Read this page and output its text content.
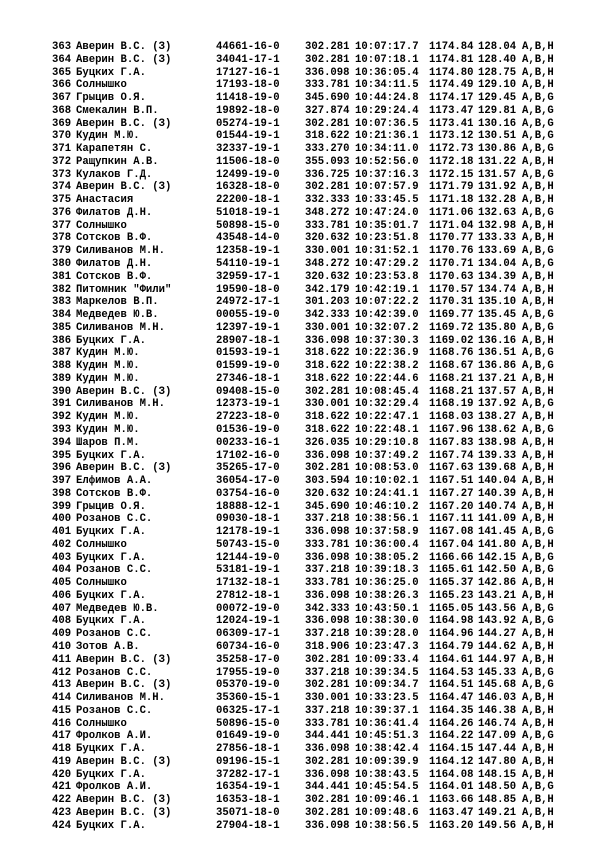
363 Аверин В.С. (З)	44661-16-0 302.281 10:07:17.7 1174.84 128.04 A,B,H
364 Аверин В.С. (З)	34041-17-1 302.281 10:07:18.1 1174.81 128.40 A,B,H
365 Буцких Г.А.	17127-16-1 336.098 10:36:05.4 1174.80 128.75 A,B,H
366 Солнышко	17193-18-0 333.781 10:34:11.5 1174.49 129.10 A,B,H
367 Грыцив О.Я.	11418-19-0 345.690 10:44:24.8 1174.17 129.45 A,B,G
368 Смекалин В.П.	19892-18-0 327.874 10:29:24.4 1173.47 129.81 A,B,G
369 Аверин В.С. (З)	05274-19-1 302.281 10:07:36.5 1173.41 130.16 A,B,G
370 Кудин М.Ю.	01544-19-1 318.622 10:21:36.1 1173.12 130.51 A,B,G
371 Карапетян С.	32337-19-1 333.270 10:34:11.0 1172.73 130.86 A,B,G
372 Ращупкин А.В.	11506-18-0 355.093 10:52:56.0 1172.18 131.22 A,B,H
373 Кулаков Г.Д.	12499-19-0 336.725 10:37:16.3 1172.15 131.57 A,B,G
374 Аверин В.С. (З)	16328-18-0 302.281 10:07:57.9 1171.79 131.92 A,B,H
375 Анастасия	22200-18-1 332.333 10:33:45.5 1171.18 132.28 A,B,H
376 Филатов Д.Н.	51018-19-1 348.272 10:47:24.0 1171.06 132.63 A,B,G
377 Солнышко	50898-15-0 333.781 10:35:01.7 1171.04 132.98 A,B,H
378 Сотсков В.Ф.	43548-14-0 320.632 10:23:51.8 1170.77 133.33 A,B,H
379 Силиванов М.Н.	12358-19-1 330.001 10:31:52.1 1170.76 133.69 A,B,G
380 Филатов Д.Н.	54110-19-1 348.272 10:47:29.2 1170.71 134.04 A,B,G
381 Сотсков В.Ф.	32959-17-1 320.632 10:23:53.8 1170.63 134.39 A,B,H
382 Питомник "Фили"	19590-18-0 342.179 10:42:19.1 1170.57 134.74 A,B,H
383 Маркелов В.П.	24972-17-1 301.203 10:07:22.2 1170.31 135.10 A,B,H
384 Медведев Ю.В.	00055-19-0 342.333 10:42:39.0 1169.77 135.45 A,B,G
385 Силиванов М.Н.	12397-19-1 330.001 10:32:07.2 1169.72 135.80 A,B,G
386 Буцких Г.А.	28907-18-1 336.098 10:37:30.3 1169.02 136.16 A,B,H
387 Кудин М.Ю.	01593-19-1 318.622 10:22:36.9 1168.76 136.51 A,B,G
388 Кудин М.Ю.	01599-19-0 318.622 10:22:38.2 1168.67 136.86 A,B,G
389 Кудин М.Ю.	27346-18-1 318.622 10:22:44.6 1168.21 137.21 A,B,H
390 Аверин В.С. (З)	09408-15-0 302.281 10:08:45.4 1168.21 137.57 A,B,H
391 Силиванов М.Н.	12373-19-1 330.001 10:32:29.4 1168.19 137.92 A,B,G
392 Кудин М.Ю.	27223-18-0 318.622 10:22:47.1 1168.03 138.27 A,B,H
393 Кудин М.Ю.	01536-19-0 318.622 10:22:48.1 1167.96 138.62 A,B,G
394 Шаров П.М.	00233-16-1 326.035 10:29:10.8 1167.83 138.98 A,B,H
395 Буцких Г.А.	17102-16-0 336.098 10:37:49.2 1167.74 139.33 A,B,H
396 Аверин В.С. (З)	35265-17-0 302.281 10:08:53.0 1167.63 139.68 A,B,H
397 Елфимов А.А.	36054-17-0 303.594 10:10:02.1 1167.51 140.04 A,B,H
398 Сотсков В.Ф.	03754-16-0 320.632 10:24:41.1 1167.27 140.39 A,B,H
399 Грыцив О.Я.	18888-12-1 345.690 10:46:10.2 1167.20 140.74 A,B,H
400 Розанов С.С.	09030-18-1 337.218 10:38:56.1 1167.11 141.09 A,B,H
401 Буцких Г.А.	12178-19-1 336.098 10:37:58.9 1167.08 141.45 A,B,G
402 Солнышко	50743-15-0 333.781 10:36:00.4 1167.04 141.80 A,B,H
403 Буцких Г.А.	12144-19-0 336.098 10:38:05.2 1166.66 142.15 A,B,G
404 Розанов С.С.	53181-19-1 337.218 10:39:18.3 1165.61 142.50 A,B,G
405 Солнышко	17132-18-1 333.781 10:36:25.0 1165.37 142.86 A,B,H
406 Буцких Г.А.	27812-18-1 336.098 10:38:26.3 1165.23 143.21 A,B,H
407 Медведев Ю.В.	00072-19-0 342.333 10:43:50.1 1165.05 143.56 A,B,G
408 Буцких Г.А.	12024-19-1 336.098 10:38:30.0 1164.98 143.92 A,B,G
409 Розанов С.С.	06309-17-1 337.218 10:39:28.0 1164.96 144.27 A,B,H
410 Зотов А.В.	60734-16-0 318.906 10:23:47.3 1164.79 144.62 A,B,H
411 Аверин В.С. (З)	35258-17-0 302.281 10:09:33.4 1164.61 144.97 A,B,H
412 Розанов С.С.	17955-19-0 337.218 10:39:34.5 1164.53 145.33 A,B,G
413 Аверин В.С. (З)	05370-19-0 302.281 10:09:34.7 1164.51 145.68 A,B,G
414 Силиванов М.Н.	35360-15-1 330.001 10:33:23.5 1164.47 146.03 A,B,H
415 Розанов С.С.	06325-17-1 337.218 10:39:37.1 1164.35 146.38 A,B,H
416 Солнышко	50896-15-0 333.781 10:36:41.4 1164.26 146.74 A,B,H
417 Фролков А.И.	01649-19-0 344.441 10:45:51.3 1164.22 147.09 A,B,G
418 Буцких Г.А.	27856-18-1 336.098 10:38:42.4 1164.15 147.44 A,B,H
419 Аверин В.С. (З)	09196-15-1 302.281 10:09:39.9 1164.12 147.80 A,B,H
420 Буцких Г.А.	37282-17-1 336.098 10:38:43.5 1164.08 148.15 A,B,H
421 Фролков А.И.	16354-19-1 344.441 10:45:54.5 1164.01 148.50 A,B,G
422 Аверин В.С. (З)	16353-18-1 302.281 10:09:46.1 1163.66 148.85 A,B,H
423 Аверин В.С. (З)	35071-18-0 302.281 10:09:48.6 1163.47 149.21 A,B,H
424 Буцких Г.А.	27904-18-1 336.098 10:38:56.5 1163.20 149.56 A,B,H
